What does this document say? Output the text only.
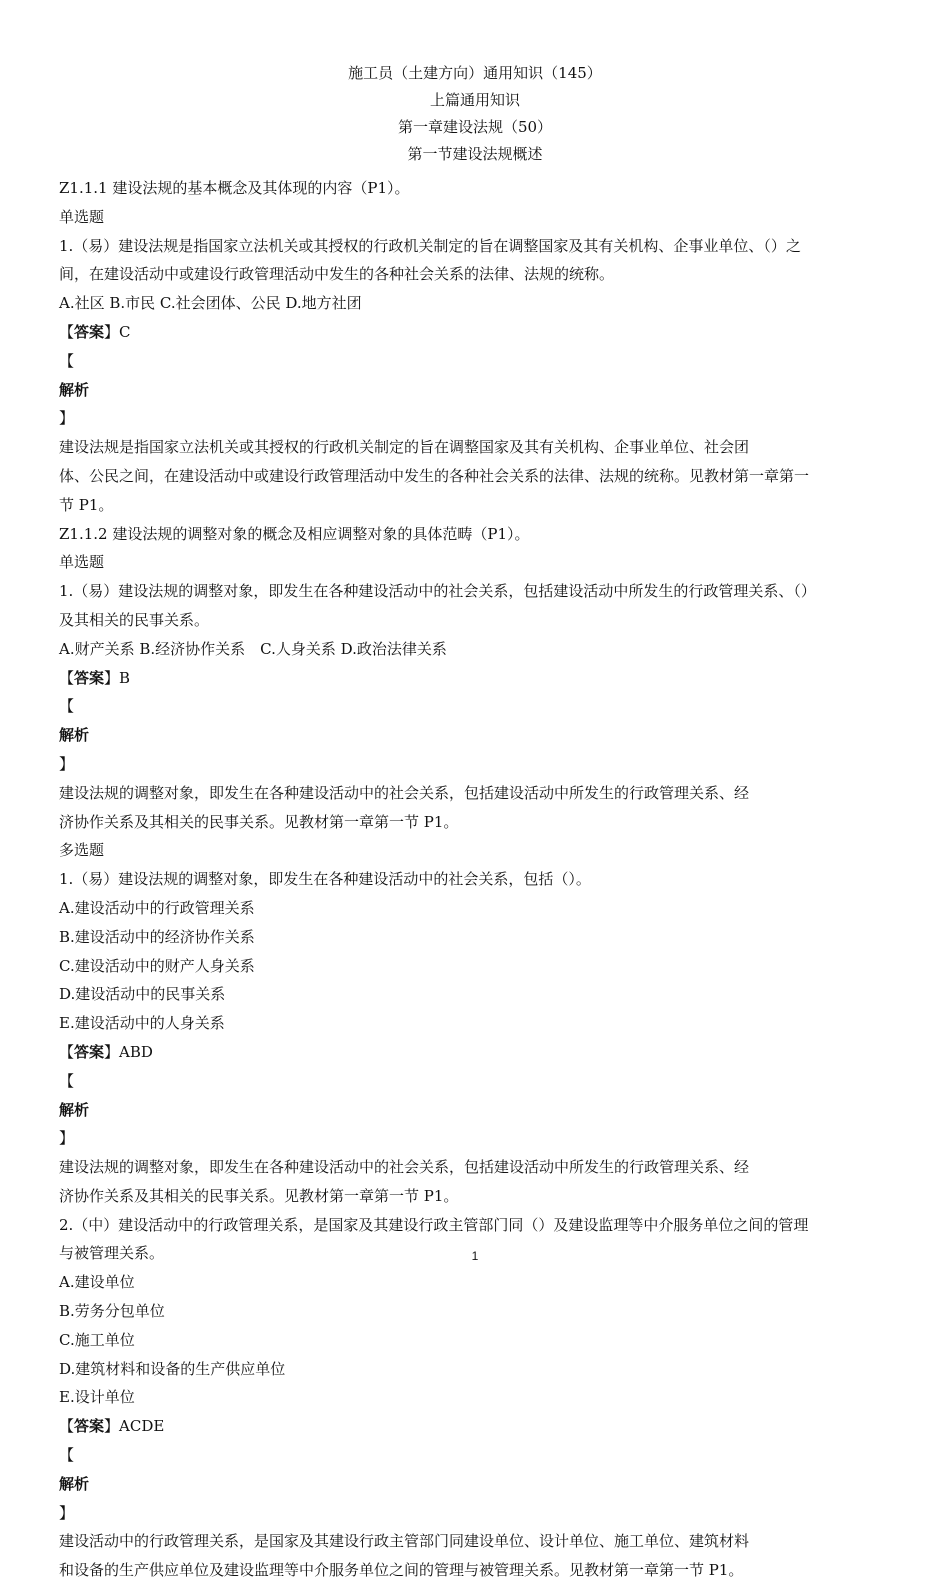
施工员（土建方向）通用知识（145）
上篇通用知识
第一章建设法规（50）
第一节建设法规概述
Z1.1.1 建设法规的基本概念及其体现的内容（P1）。
单选题
1.（易）建设法规是指国家立法机关或其授权的行政机关制定的旨在调整国家及其有关机构、企事业单位、（）之
间，在建设活动中或建设行政管理活动中发生的各种社会关系的法律、法规的统称。
A.社区 B.市民 C.社会团体、公民 D.地方社团
【答案】C
【
解析
】
建设法规是指国家立法机关或其授权的行政机关制定的旨在调整国家及其有关机构、企事业单位、社会团
体、公民之间，在建设活动中或建设行政管理活动中发生的各种社会关系的法律、法规的统称。见教材第一章第一
节 P1。
Z1.1.2 建设法规的调整对象的概念及相应调整对象的具体范畴（P1）。
单选题
1.（易）建设法规的调整对象，即发生在各种建设活动中的社会关系，包括建设活动中所发生的行政管理关系、（）
及其相关的民事关系。
A.财产关系 B.经济协作关系　C.人身关系 D.政治法律关系
【答案】B
【
解析
】
建设法规的调整对象，即发生在各种建设活动中的社会关系，包括建设活动中所发生的行政管理关系、经
济协作关系及其相关的民事关系。见教材第一章第一节 P1。
多选题
1.（易）建设法规的调整对象，即发生在各种建设活动中的社会关系，包括（）。
A.建设活动中的行政管理关系
B.建设活动中的经济协作关系
C.建设活动中的财产人身关系
D.建设活动中的民事关系
E.建设活动中的人身关系
【答案】ABD
【
解析
】
建设法规的调整对象，即发生在各种建设活动中的社会关系，包括建设活动中所发生的行政管理关系、经
济协作关系及其相关的民事关系。见教材第一章第一节 P1。
2.（中）建设活动中的行政管理关系，是国家及其建设行政主管部门同（）及建设监理等中介服务单位之间的管理
与被管理关系。
A.建设单位
B.劳务分包单位
C.施工单位
D.建筑材料和设备的生产供应单位
E.设计单位
【答案】ACDE
【
解析
】
建设活动中的行政管理关系，是国家及其建设行政主管部门同建设单位、设计单位、施工单位、建筑材料
和设备的生产供应单位及建设监理等中介服务单位之间的管理与被管理关系。见教材第一章第一节 P1。
1
